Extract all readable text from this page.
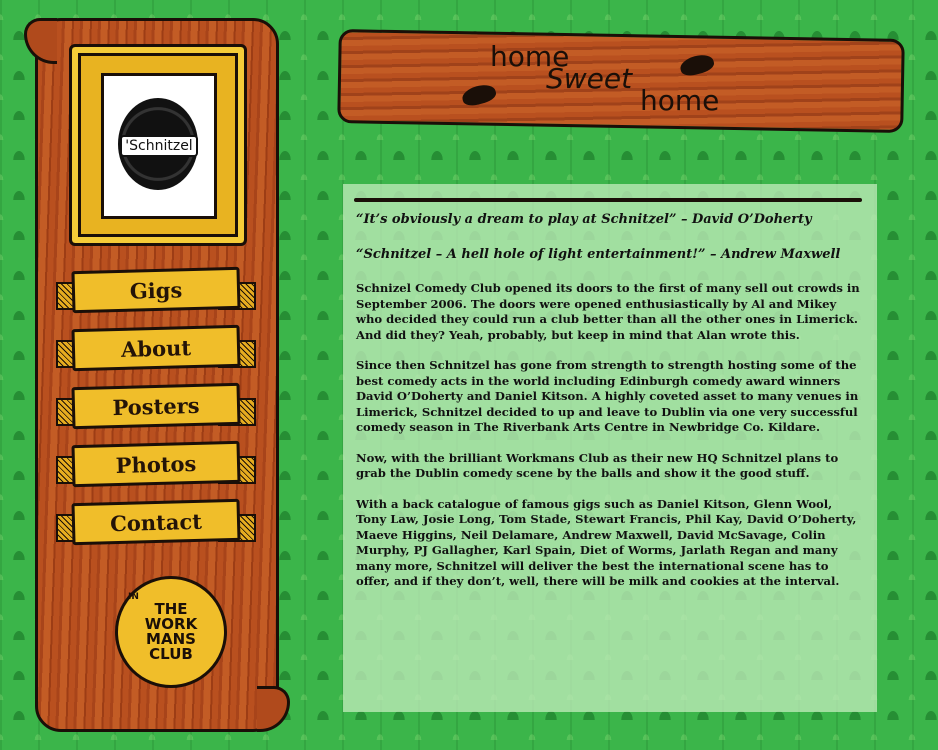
'Schnitzel
Gigs
About
Posters
Photos
Contact
IN
THE
WORK
MANS
CLUB
home
Sweet
home

“It’s obviously a dream to play at Schnitzel” – David O’Doherty

“Schnitzel – A hell hole of light entertainment!” – Andrew Maxwell

Schnizel Comedy Club opened its doors to the first of many sell out crowds in September 2006. The doors were opened enthusiastically by Al and Mikey who decided they could run a club better than all the other ones in Limerick. And did they? Yeah, probably, but keep in mind that Alan wrote this.

Since then Schnitzel has gone from strength to strength hosting some of the best comedy acts in the world including Edinburgh comedy award winners David O’Doherty and Daniel Kitson. A highly coveted asset to many venues in Limerick, Schnitzel decided to up and leave to Dublin via one very successful comedy season in The Riverbank Arts Centre in Newbridge Co. Kildare.

Now, with the brilliant Workmans Club as their new HQ Schnitzel plans to grab the Dublin comedy scene by the balls and show it the good stuff.

With a back catalogue of famous gigs such as Daniel Kitson, Glenn Wool, Tony Law, Josie Long, Tom Stade, Stewart Francis, Phil Kay, David O’Doherty, Maeve Higgins, Neil Delamare, Andrew Maxwell, David McSavage, Colin Murphy, PJ Gallagher, Karl Spain, Diet of Worms, Jarlath Regan and many many more, Schnitzel will deliver the best the international scene has to offer, and if they don’t, well, there will be milk and cookies at the interval.
